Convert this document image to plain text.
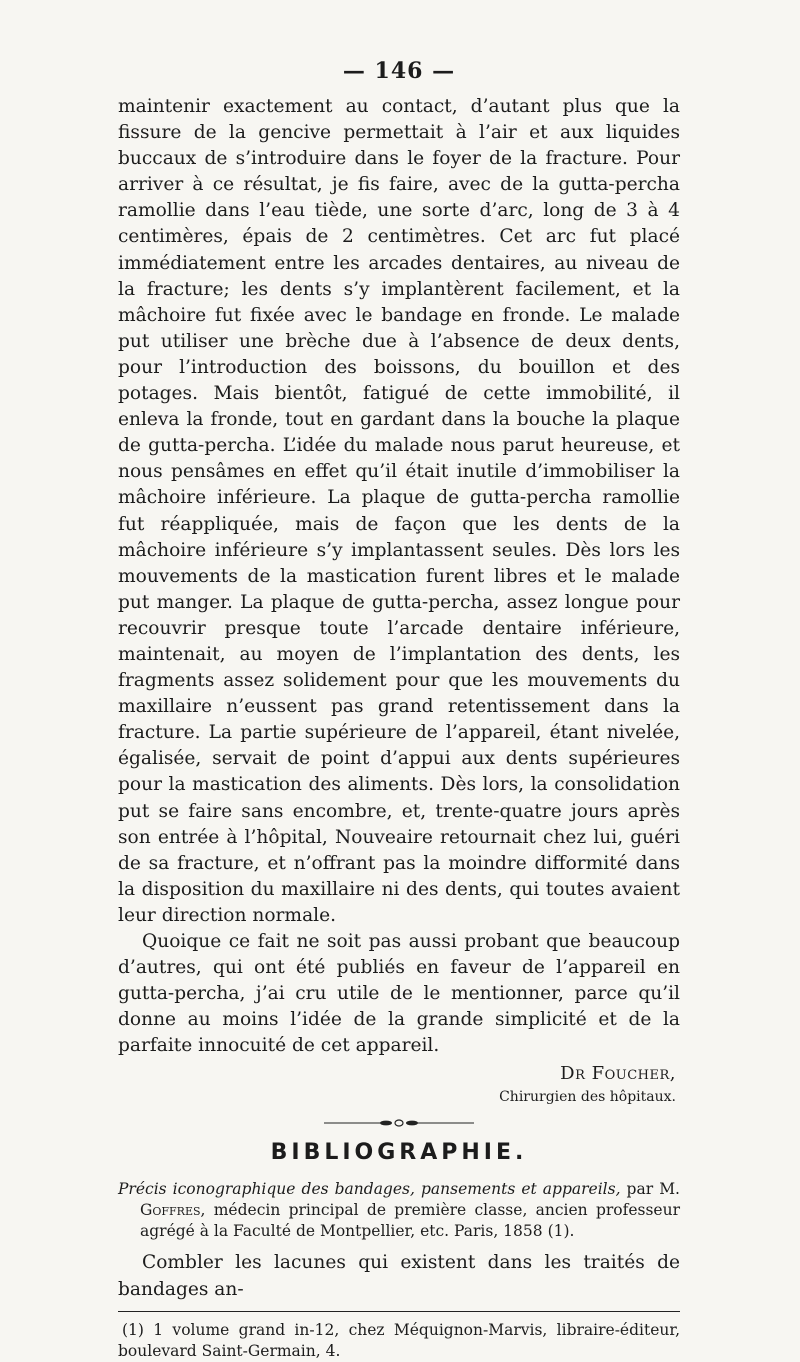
— 146 —

maintenir exactement au contact, d’autant plus que la fissure de la gencive permettait à l’air et aux liquides buccaux de s’introduire dans le foyer de la fracture. Pour arriver à ce résultat, je fis faire, avec de la gutta-percha ramollie dans l’eau tiède, une sorte d’arc, long de 3 à 4 centimères, épais de 2 centimètres. Cet arc fut placé immédiatement entre les arcades dentaires, au niveau de la fracture; les dents s’y implantèrent facilement, et la mâchoire fut fixée avec le bandage en fronde. Le malade put utiliser une brèche due à l’absence de deux dents, pour l’introduction des boissons, du bouillon et des potages. Mais bientôt, fatigué de cette immobilité, il enleva la fronde, tout en gardant dans la bouche la plaque de gutta-percha. L’idée du malade nous parut heureuse, et nous pensâmes en effet qu’il était inutile d’immobiliser la mâchoire inférieure. La plaque de gutta-percha ramollie fut réappliquée, mais de façon que les dents de la mâchoire inférieure s’y implantassent seules. Dès lors les mouvements de la mastication furent libres et le malade put manger. La plaque de gutta-percha, assez longue pour recouvrir presque toute l’arcade dentaire inférieure, maintenait, au moyen de l’implantation des dents, les fragments assez solidement pour que les mouvements du maxillaire n’eussent pas grand retentissement dans la fracture. La partie supérieure de l’appareil, étant nivelée, égalisée, servait de point d’appui aux dents supérieures pour la mastication des aliments. Dès lors, la consolidation put se faire sans encombre, et, trente-quatre jours après son entrée à l’hôpital, Nouveaire retournait chez lui, guéri de sa fracture, et n’offrant pas la moindre difformité dans la disposition du maxillaire ni des dents, qui toutes avaient leur direction normale.

Quoique ce fait ne soit pas aussi probant que beaucoup d’autres, qui ont été publiés en faveur de l’appareil en gutta-percha, j’ai cru utile de le mentionner, parce qu’il donne au moins l’idée de la grande simplicité et de la parfaite innocuité de cet appareil.

Dr Foucher,
Chirurgien des hôpitaux.
BIBLIOGRAPHIE.

Précis iconographique des bandages, pansements et appareils, par M. Goffres, médecin principal de première classe, ancien professeur agrégé à la Faculté de Montpellier, etc. Paris, 1858 (1).

Combler les lacunes qui existent dans les traités de bandages an-

(1) 1 volume grand in-12, chez Méquignon-Marvis, libraire-éditeur, boulevard Saint-Germain, 4.
